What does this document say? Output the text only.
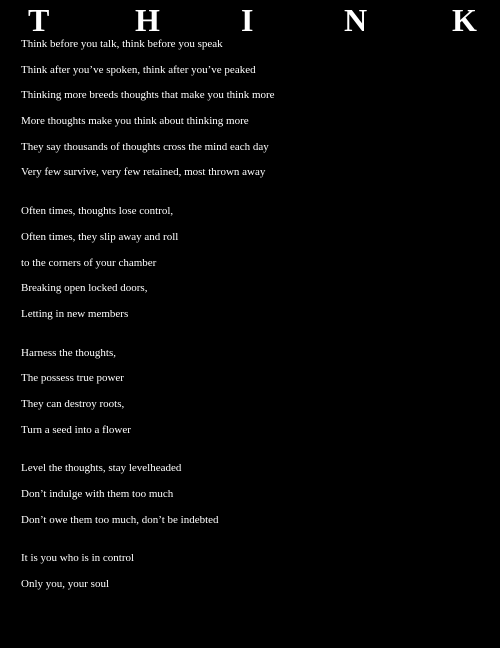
T	H	I	N	K
Think before you talk, think before you speak
Think after you’ve spoken, think after you’ve peaked
Thinking more breeds thoughts that make you think more
More thoughts make you think about thinking more
They say thousands of thoughts cross the mind each day
Very few survive, very few retained, most thrown away
Often times, thoughts lose control,
Often times, they slip away and roll
to the corners of your chamber
Breaking open locked doors,
Letting in new members
Harness the thoughts,
The possess true power
They can destroy roots,
Turn a seed into a flower
Level the thoughts, stay levelheaded
Don’t indulge with them too much
Don’t owe them too much, don’t be indebted
It is you who is in control
Only you, your soul
